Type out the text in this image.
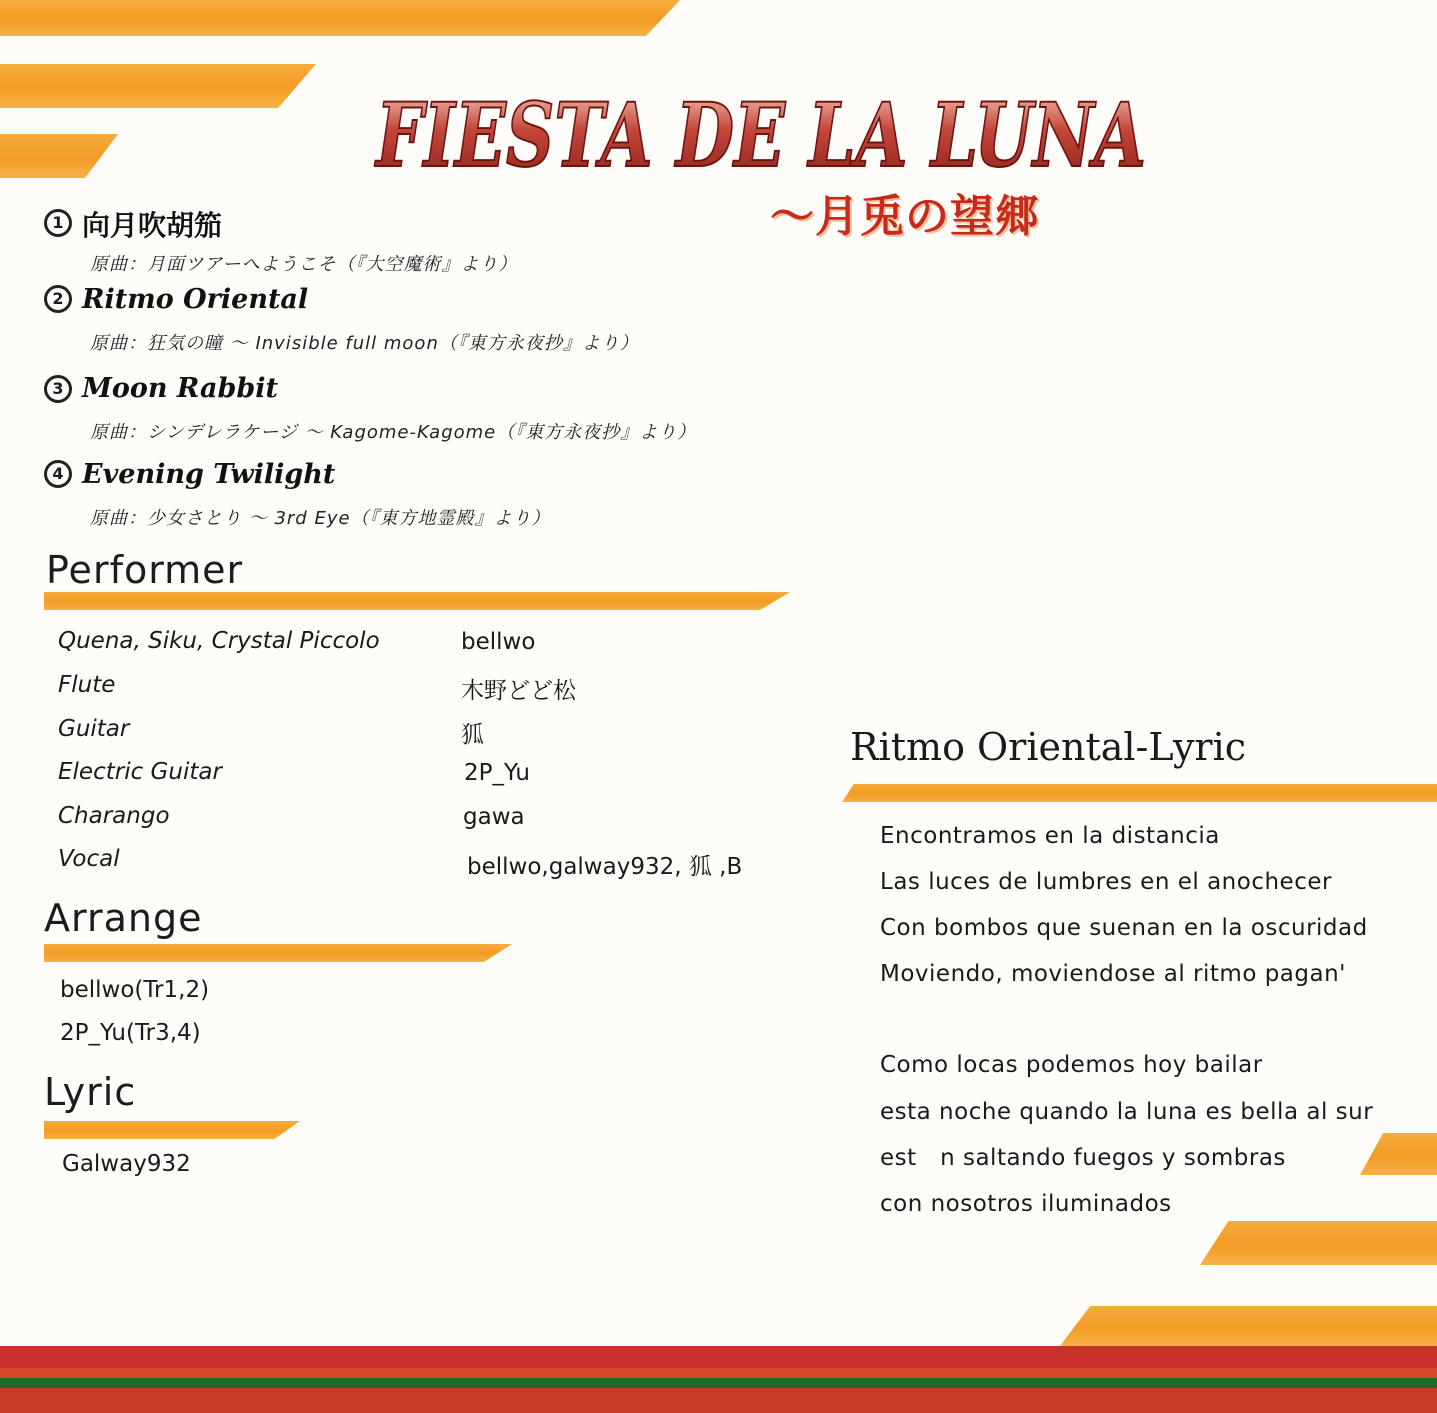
FIESTA DE LA LUNA
～月兎の望郷
1 向月吹胡笳
原曲：月面ツアーへようこそ（『大空魔術』より）
2 Ritmo Oriental
原曲：狂気の瞳 ～ Invisible full moon（『東方永夜抄』より）
3 Moon Rabbit
原曲：シンデレラケージ ～ Kagome-Kagome（『東方永夜抄』より）
4 Evening Twilight
原曲：少女さとり ～ 3rd Eye（『東方地霊殿』より）
Performer
Quena, Siku, Crystal Piccolo	bellwo
Flute	木野どど松
Guitar	狐
Electric Guitar	2P_Yu
Charango	gawa
Vocal	bellwo,galway932, 狐 ,B
Arrange
bellwo(Tr1,2)
2P_Yu(Tr3,4)
Lyric
Galway932
Ritmo Oriental-Lyric
Encontramos en la distancia
Las luces de lumbres en el anochecer
Con bombos que suenan en la oscuridad
Moviendo, moviendose al ritmo pagan'
Como locas podemos hoy bailar
esta noche quando la luna es bella al sur
est   n saltando fuegos y sombras
con nosotros iluminados
